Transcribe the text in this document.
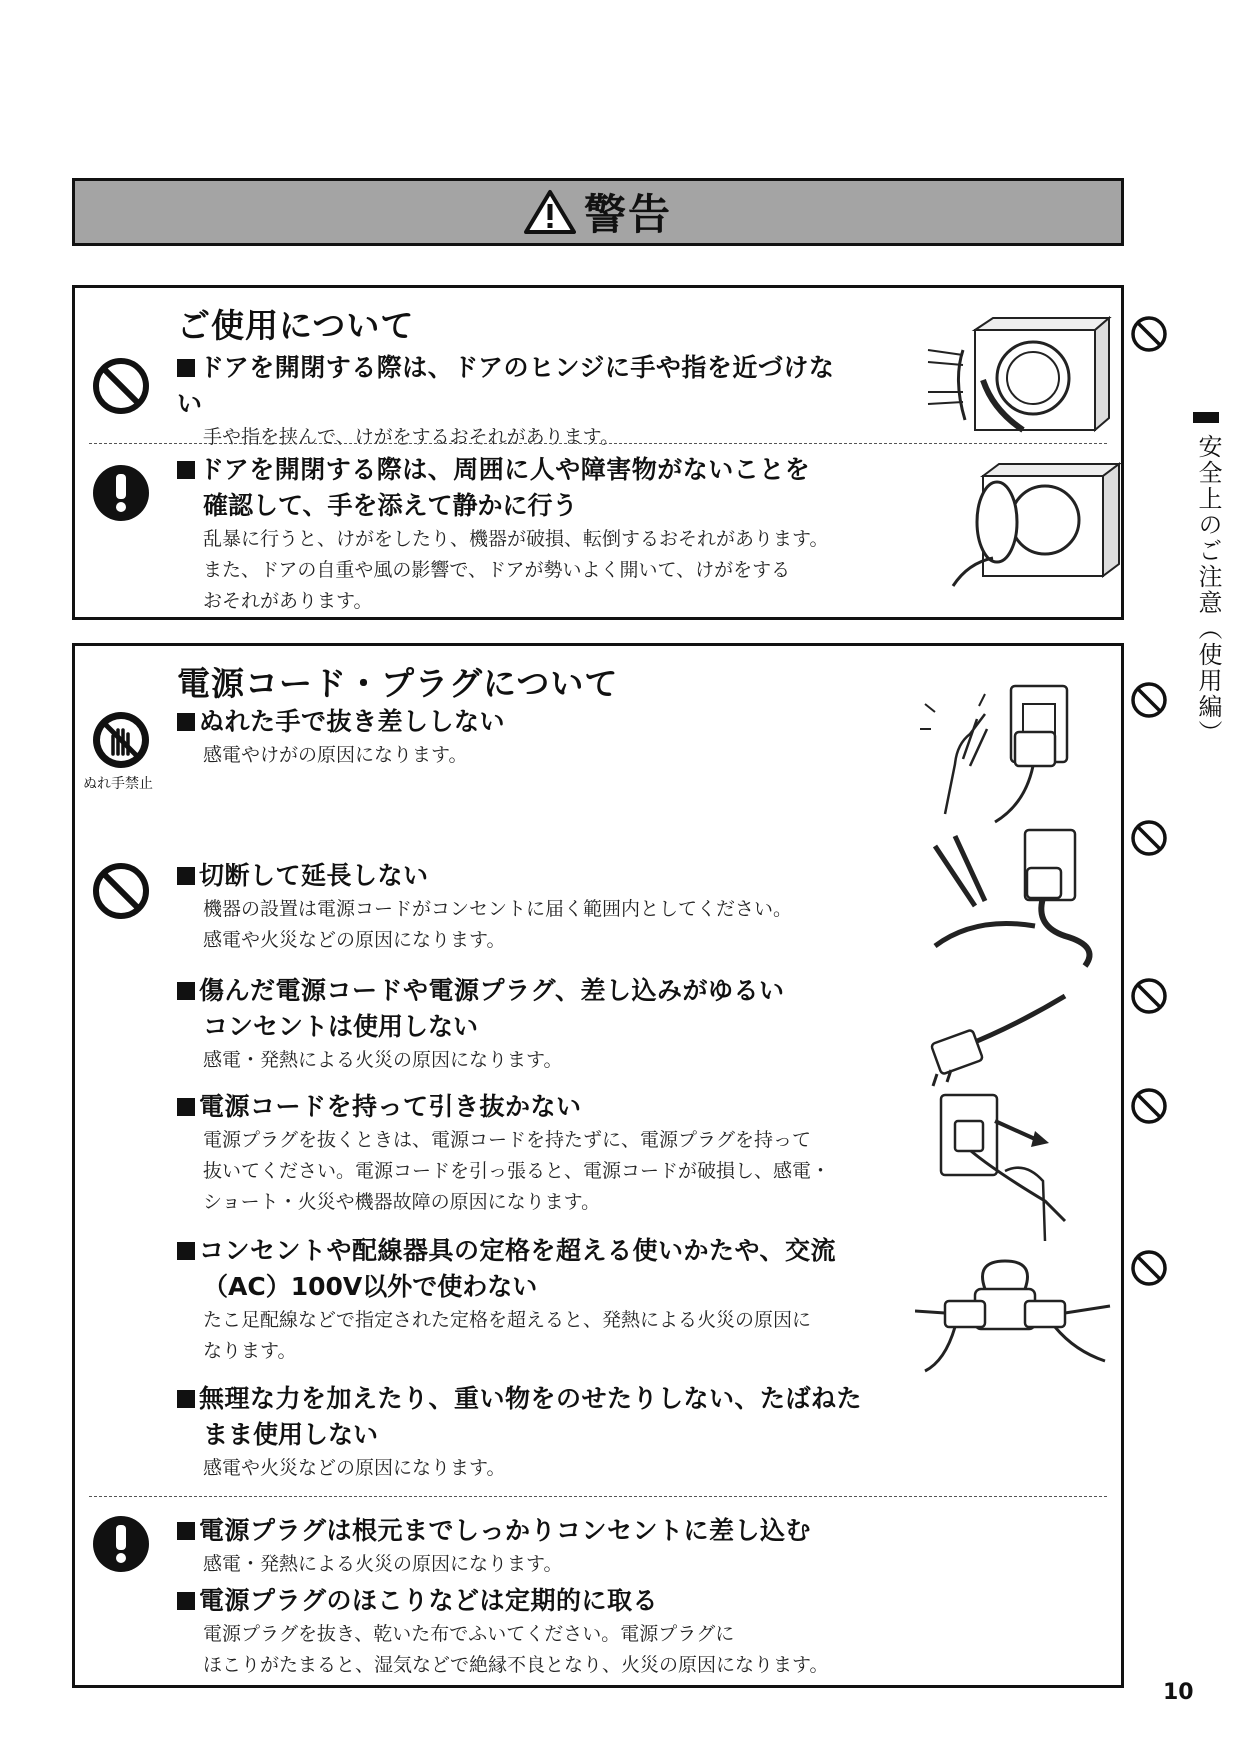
警告
ご使用について
ドアを開閉する際は、ドアのヒンジに手や指を近づけない
手や指を挟んで、けがをするおそれがあります。
ドアを開閉する際は、周囲に人や障害物がないことを
確認して、手を添えて静かに行う
乱暴に行うと、けがをしたり、機器が破損、転倒するおそれがあります。
また、ドアの自重や風の影響で、ドアが勢いよく開いて、けがをする
おそれがあります。
電源コード・プラグについて
ぬれ手禁止
ぬれた手で抜き差ししない
感電やけがの原因になります。
切断して延長しない
機器の設置は電源コードがコンセントに届く範囲内としてください。
感電や火災などの原因になります。
傷んだ電源コードや電源プラグ、差し込みがゆるい
コンセントは使用しない
感電・発熱による火災の原因になります。
電源コードを持って引き抜かない
電源プラグを抜くときは、電源コードを持たずに、電源プラグを持って
抜いてください。電源コードを引っ張ると、電源コードが破損し、感電・
ショート・火災や機器故障の原因になります。
コンセントや配線器具の定格を超える使いかたや、交流
（AC）100V以外で使わない
たこ足配線などで指定された定格を超えると、発熱による火災の原因に
なります。
無理な力を加えたり、重い物をのせたりしない、たばねた
まま使用しない
感電や火災などの原因になります。
電源プラグは根元までしっかりコンセントに差し込む
感電・発熱による火災の原因になります。
電源プラグのほこりなどは定期的に取る
電源プラグを抜き、乾いた布でふいてください。電源プラグに
ほこりがたまると、湿気などで絶縁不良となり、火災の原因になります。
安全上のご注意（使用編）
10
